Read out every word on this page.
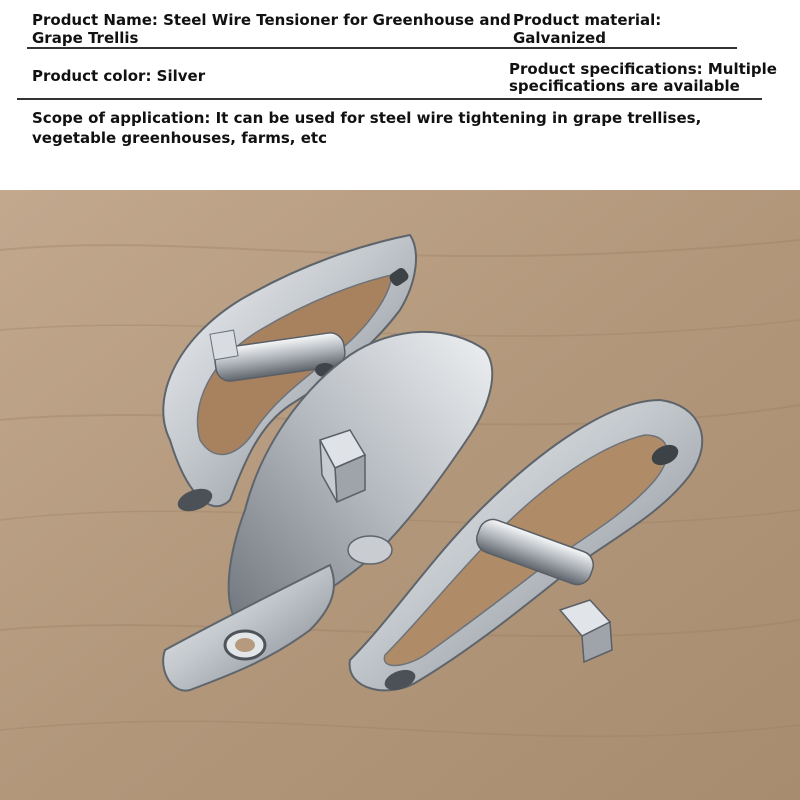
Product Name: Steel Wire Tensioner for Greenhouse and
Grape Trellis
Product material:
Galvanized
Product color: Silver	Product specifications: Multiple
specifications are available
Scope of application: It can be used for steel wire tightening in grape trellises,
vegetable greenhouses, farms, etc
